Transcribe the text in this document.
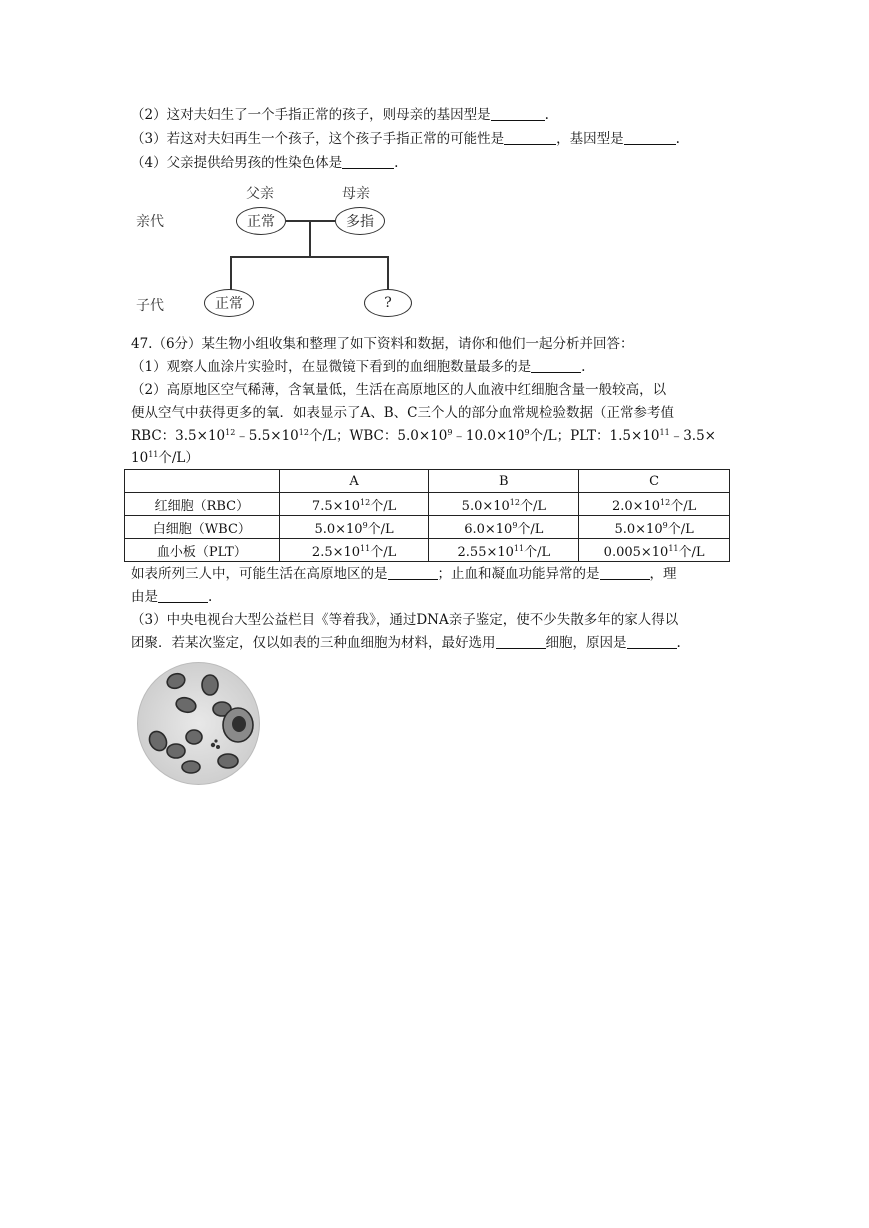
（2）这对夫妇生了一个手指正常的孩子，则母亲的基因型是	.
（3）若这对夫妇再生一个孩子，这个孩子手指正常的可能性是	，基因型是	.
（4）父亲提供给男孩的性染色体是	.
父亲	母亲
亲代
子代
正常	多指
正常	?
47.（6分）某生物小组收集和整理了如下资料和数据，请你和他们一起分析并回答：
（1）观察人血涂片实验时，在显微镜下看到的血细胞数量最多的是	.
（2）高原地区空气稀薄，含氧量低，生活在高原地区的人血液中红细胞含量一般较高，以
便从空气中获得更多的氧．如表显示了A、B、C三个人的部分血常规检验数据（正常参考值
RBC：$3.5\times 10^{12}﹣5.5\times 10^{12}$个/L；WBC：$5.0\times 10^9﹣10.0\times 10^9$个/L；PLT：$1.5\times 10^{11}﹣3.5\times$
$10^{11}$个/L）
	A	B	C
红细胞（RBC）	$7.5\times 10^{12}$个/L	$5.0\times 10^{12}$个/L	$2.0\times 10^{12}$个/L
白细胞（WBC）	$5.0\times 10^9$个/L	$6.0\times 10^9$个/L	$5.0\times 10^9$个/L
血小板（PLT）	$2.5\times 10^{11}$个/L	$2.55\times 10^{11}$个/L	$0.005\times 10^{11}$个/L
如表所列三人中，可能生活在高原地区的是	；止血和凝血功能异常的是	，理
由是	.
（3）中央电视台大型公益栏目《等着我》，通过DNA亲子鉴定，使不少失散多年的家人得以
团聚．若某次鉴定，仅以如表的三种血细胞为材料，最好选用	细胞，原因是	.
